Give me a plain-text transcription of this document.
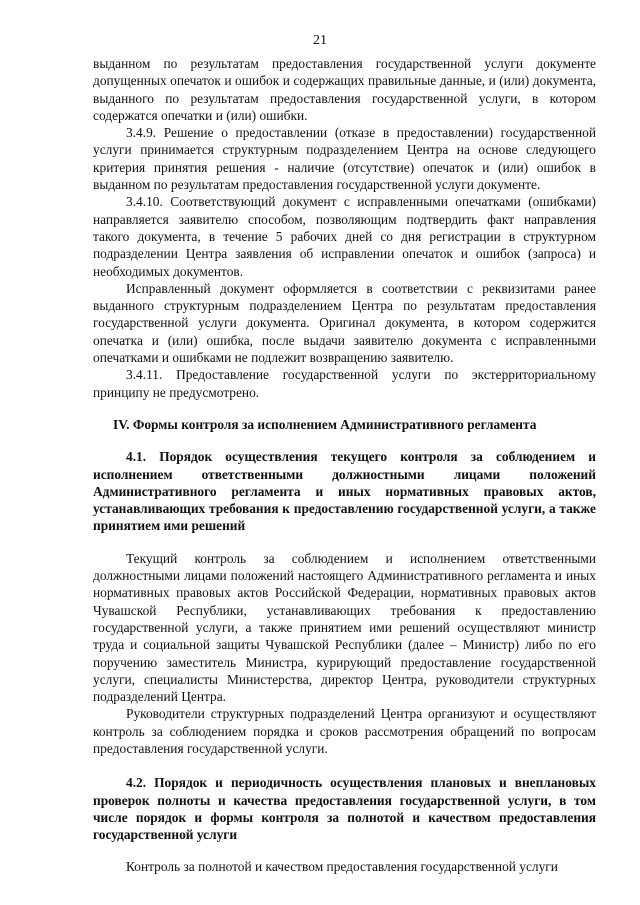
21

выданном по результатам предоставления государственной услуги документе допущенных опечаток и ошибок и содержащих правильные данные, и (или) документа, выданного по результатам предоставления государственной услуги, в котором содержатся опечатки и (или) ошибки.

3.4.9. Решение о предоставлении (отказе в предоставлении) государственной услуги принимается структурным подразделением Центра на основе следующего критерия принятия решения - наличие (отсутствие) опечаток и (или) ошибок в выданном по результатам предоставления государственной услуги документе.

3.4.10. Соответствующий документ с исправленными опечатками (ошибками) направляется заявителю способом, позволяющим подтвердить факт направления такого документа, в течение 5 рабочих дней со дня регистрации в структурном подразделении Центра заявления об исправлении опечаток и ошибок (запроса) и необходимых документов.

Исправленный документ оформляется в соответствии с реквизитами ранее выданного структурным подразделением Центра по результатам предоставления государственной услуги документа. Оригинал документа, в котором содержится опечатка и (или) ошибка, после выдачи заявителю документа с исправленными опечатками и ошибками не подлежит возвращению заявителю.

3.4.11. Предоставление государственной услуги по экстерриториальному принципу не предусмотрено.

IV. Формы контроля за исполнением Административного регламента

4.1. Порядок осуществления текущего контроля за соблюдением и исполнением ответственными должностными лицами положений Административного регламента и иных нормативных правовых актов, устанавливающих требования к предоставлению государственной услуги, а также принятием ими решений

Текущий контроль за соблюдением и исполнением ответственными должностными лицами положений настоящего Административного регламента и иных нормативных правовых актов Российской Федерации, нормативных правовых актов Чувашской Республики, устанавливающих требования к предоставлению государственной услуги, а также принятием ими решений осуществляют министр труда и социальной защиты Чувашской Республики (далее – Министр) либо по его поручению заместитель Министра, курирующий предоставление государственной услуги, специалисты Министерства, директор Центра, руководители структурных подразделений Центра.

Руководители структурных подразделений Центра организуют и осуществляют контроль за соблюдением порядка и сроков рассмотрения обращений по вопросам предоставления государственной услуги.

4.2. Порядок и периодичность осуществления плановых и внеплановых проверок полноты и качества предоставления государственной услуги, в том числе порядок и формы контроля за полнотой и качеством предоставления государственной услуги

Контроль за полнотой и качеством предоставления государственной услуги
